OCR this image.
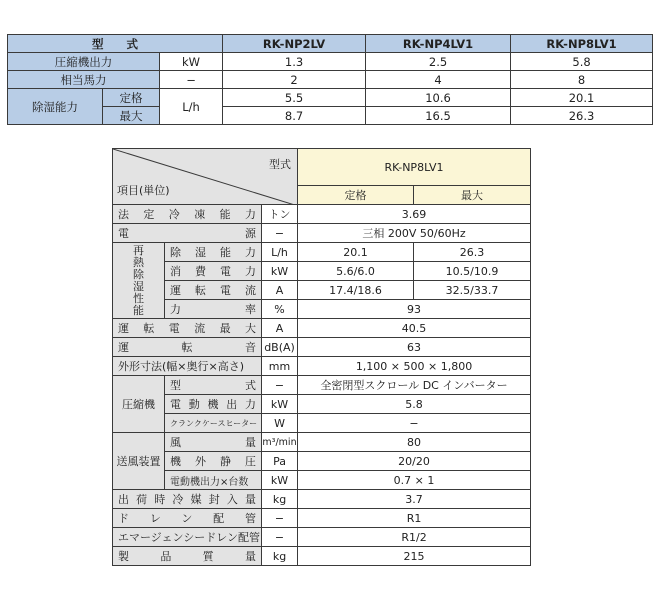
型　　式			RK-NP2LV	RK-NP4LV1	RK-NP8LV1
圧縮機出力		kW	1.3	2.5	5.8
相当馬力		−	2	4	8
除湿能力	定格	L/h	5.5	10.6	20.1
	最大		8.7	16.5	26.3
型式
項目(単位)			RK-NP8LV1	
			定格	最大
法定冷凍能力		トン	3.69	
電源		−	三相 200V 50/60Hz	
再熱除湿性能	除湿能力	L/h	20.1	26.3
	消費電力	kW	5.6/6.0	10.5/10.9
	運転電流	A	17.4/18.6	32.5/33.7
	力率	%	93	
運転電流最大		A	40.5	
運転音		dB(A)	63	
外形寸法(幅×奥行×高さ)		mm	1,100 × 500 × 1,800	
圧縮機	型式	−	全密閉型スクロール DC インバーター	
	電動機出力	kW	5.8	
	クランクケースヒーター	W	−	
送風装置	風量	m³/min	80	
	機外静圧	Pa	20/20	
	電動機出力×台数	kW	0.7 × 1	
出荷時冷媒封入量		kg	3.7	
ドレン配管		−	R1	
エマージェンシードレン配管		−	R1/2	
製品質量		kg	215	
